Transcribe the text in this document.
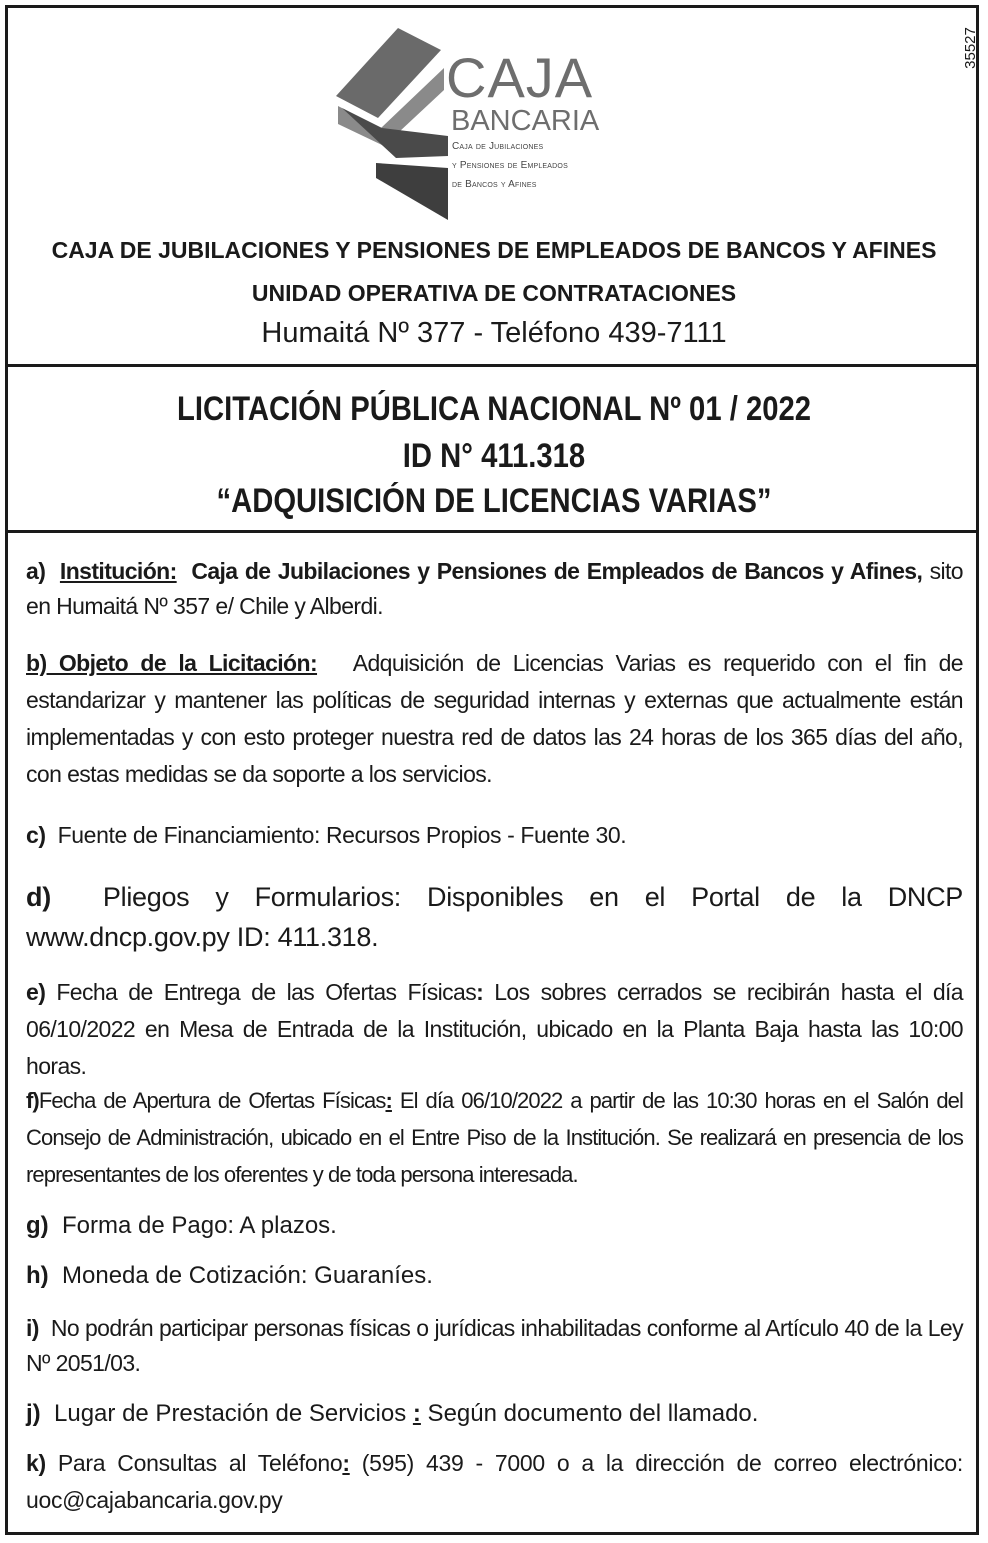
35527
CAJA
BANCARIA
Caja de Jubilaciones
y Pensiones de Empleados
de Bancos y Afines
CAJA DE JUBILACIONES Y PENSIONES DE EMPLEADOS DE BANCOS Y AFINES
UNIDAD OPERATIVA DE CONTRATACIONES
Humaitá Nº 377 - Teléfono 439-7111
LICITACIÓN PÚBLICA NACIONAL Nº 01 / 2022
ID N° 411.318
“ADQUISICIÓN DE LICENCIAS VARIAS”
a) Institución: Caja de Jubilaciones y Pensiones de Empleados de Bancos y Afines, sito en Humaitá Nº 357 e/ Chile y Alberdi.
b) Objeto de la Licitación: Adquisición de Licencias Varias es requerido con el fin de estandarizar y mantener las políticas de seguridad internas y externas que actualmente están implementadas y con esto proteger nuestra red de datos las 24 horas de los 365 días del año, con estas medidas se da soporte a los servicios.
c) Fuente de Financiamiento: Recursos Propios - Fuente 30.
d) Pliegos y Formularios: Disponibles en el Portal de la DNCP www.dncp.gov.py ID: 411.318.
e) Fecha de Entrega de las Ofertas Físicas: Los sobres cerrados se recibirán hasta el día 06/10/2022 en Mesa de Entrada de la Institución, ubicado en la Planta Baja hasta las 10:00 horas.
f)Fecha de Apertura de Ofertas Físicas: El día 06/10/2022 a partir de las 10:30 horas en el Salón del Consejo de Administración, ubicado en el Entre Piso de la Institución. Se realizará en presencia de los representantes de los oferentes y de toda persona interesada.
g) Forma de Pago: A plazos.
h) Moneda de Cotización: Guaraníes.
i) No podrán participar personas físicas o jurídicas inhabilitadas conforme al Artículo 40 de la Ley Nº 2051/03.
j) Lugar de Prestación de Servicios : Según documento del llamado.
k) Para Consultas al Teléfono: (595) 439 - 7000 o a la dirección de correo electrónico: uoc@cajabancaria.gov.py
